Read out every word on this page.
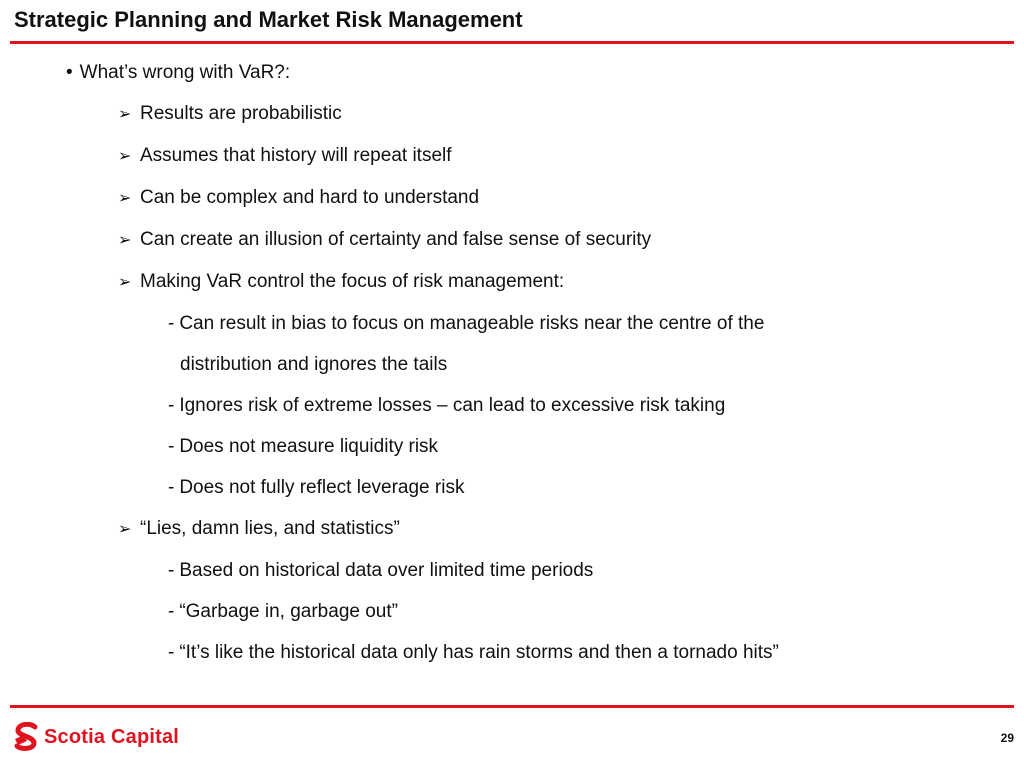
Strategic Planning and Market Risk Management
• What’s wrong with VaR?:
➢ Results are probabilistic
➢ Assumes that history will repeat itself
➢ Can be complex and hard to understand
➢ Can create an illusion of certainty and false sense of security
➢ Making VaR control the focus of risk management:
- Can result in bias to focus on manageable risks near the centre of the
distribution and ignores the tails
- Ignores risk of extreme losses – can lead to excessive risk taking
- Does not measure liquidity risk
- Does not fully reflect leverage risk
➢ “Lies, damn lies, and statistics”
- Based on historical data over limited time periods
- “Garbage in, garbage out”
- “It’s like the historical data only has rain storms and then a tornado hits”
Scotia Capital	29
